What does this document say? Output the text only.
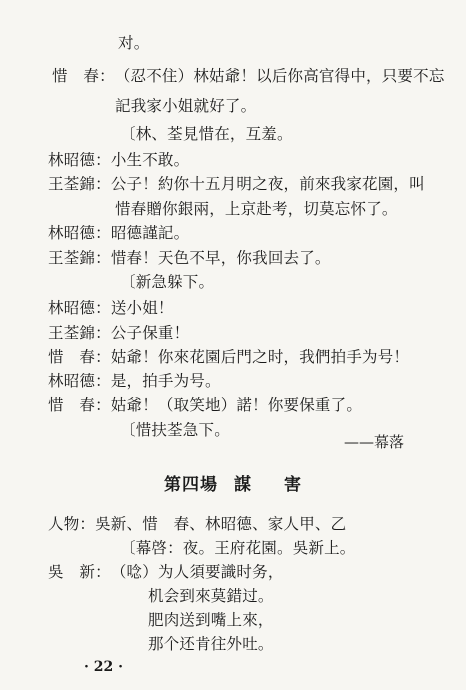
对。
惜　春：（忍不住）林姑爺！以后你高官得中，只要不忘
記我家小姐就好了。
〔林、荃見惜在，互羞。
林昭德：小生不敢。
王荃錦：公子！約你十五月明之夜，前來我家花園，叫
惜春贈你銀兩，上京赴考，切莫忘怀了。
林昭德：昭德謹記。
王荃錦：惜春！天色不早，你我回去了。
〔新急躲下。
林昭德：送小姐！
王荃錦：公子保重！
惜　春：姑爺！你來花園后門之时，我們拍手为号！
林昭德：是，拍手为号。
惜　春：姑爺！（取笑地）諾！你要保重了。
〔惜扶荃急下。
——幕落
第四場 謀 害
人物：吳新、惜　春、林昭德、家人甲、乙
〔幕啓：夜。王府花園。吳新上。
吳　新：（唸）为人須要識时务，
机会到來莫錯过。
肥肉送到嘴上來，
那个还肯往外吐。
· 22 ·
